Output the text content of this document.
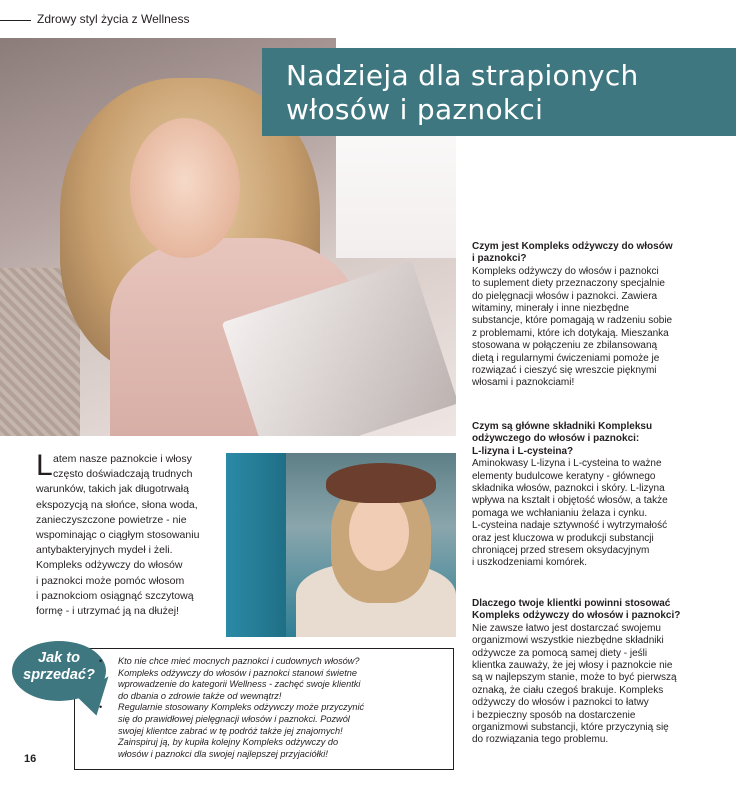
Zdrowy styl życia z Wellness
Nadzieja dla strapionych
włosów i paznokci
L atem nasze paznokcie i włosy
często doświadczają trudnych
warunków, takich jak długotrwałą
ekspozycją na słońce, słona woda,
zanieczyszczone powietrze - nie
wspominając o ciągłym stosowaniu
antybakteryjnych mydeł i żeli.
Kompleks odżywczy do włosów
i paznokci może pomóc włosom
i paznokciom osiągnąć szczytową
formę - i utrzymać ją na dłużej!
Jak to
sprzedać?
• Kto nie chce mieć mocnych paznokci i cudownych włosów?
Kompleks odżywczy do włosów i paznokci stanowi świetne
wprowadzenie do kategorii Wellness - zachęć swoje klientki
do dbania o zdrowie także od wewnątrz!
• Regularnie stosowany Kompleks odżywczy może przyczynić
się do prawidłowej pielęgnacji włosów i paznokci. Pozwól
swojej klientce zabrać w tę podróż także jej znajomych!
Zainspiruj ją, by kupiła kolejny Kompleks odżywczy do
włosów i paznokci dla swojej najlepszej przyjaciółki!
16
Czym jest Kompleks odżywczy do włosów
i paznokci?
Kompleks odżywczy do włosów i paznokci
to suplement diety przeznaczony specjalnie
do pielęgnacji włosów i paznokci. Zawiera
witaminy, minerały i inne niezbędne
substancje, które pomagają w radzeniu sobie
z problemami, które ich dotykają. Mieszanka
stosowana w połączeniu ze zbilansowaną
dietą i regularnymi ćwiczeniami pomoże je
rozwiązać i cieszyć się wreszcie pięknymi
włosami i paznokciami!
Czym są główne składniki Kompleksu
odżywczego do włosów i paznokci:
L-lizyna i L-cysteina?
Aminokwasy L-lizyna i L-cysteina to ważne
elementy budulcowe keratyny - głównego
składnika włosów, paznokci i skóry. L-lizyna
wpływa na kształt i objętość włosów, a także
pomaga we wchłanianiu żelaza i cynku.
L-cysteina nadaje sztywność i wytrzymałość
oraz jest kluczowa w produkcji substancji
chroniącej przed stresem oksydacyjnym
i uszkodzeniami komórek.
Dlaczego twoje klientki powinni stosować
Kompleks odżywczy do włosów i paznokci?
Nie zawsze łatwo jest dostarczać swojemu
organizmowi wszystkie niezbędne składniki
odżywcze za pomocą samej diety - jeśli
klientka zauważy, że jej włosy i paznokcie nie
są w najlepszym stanie, może to być pierwszą
oznaką, że ciału czegoś brakuje. Kompleks
odżywczy do włosów i paznokci to łatwy
i bezpieczny sposób na dostarczenie
organizmowi substancji, które przyczynią się
do rozwiązania tego problemu.
